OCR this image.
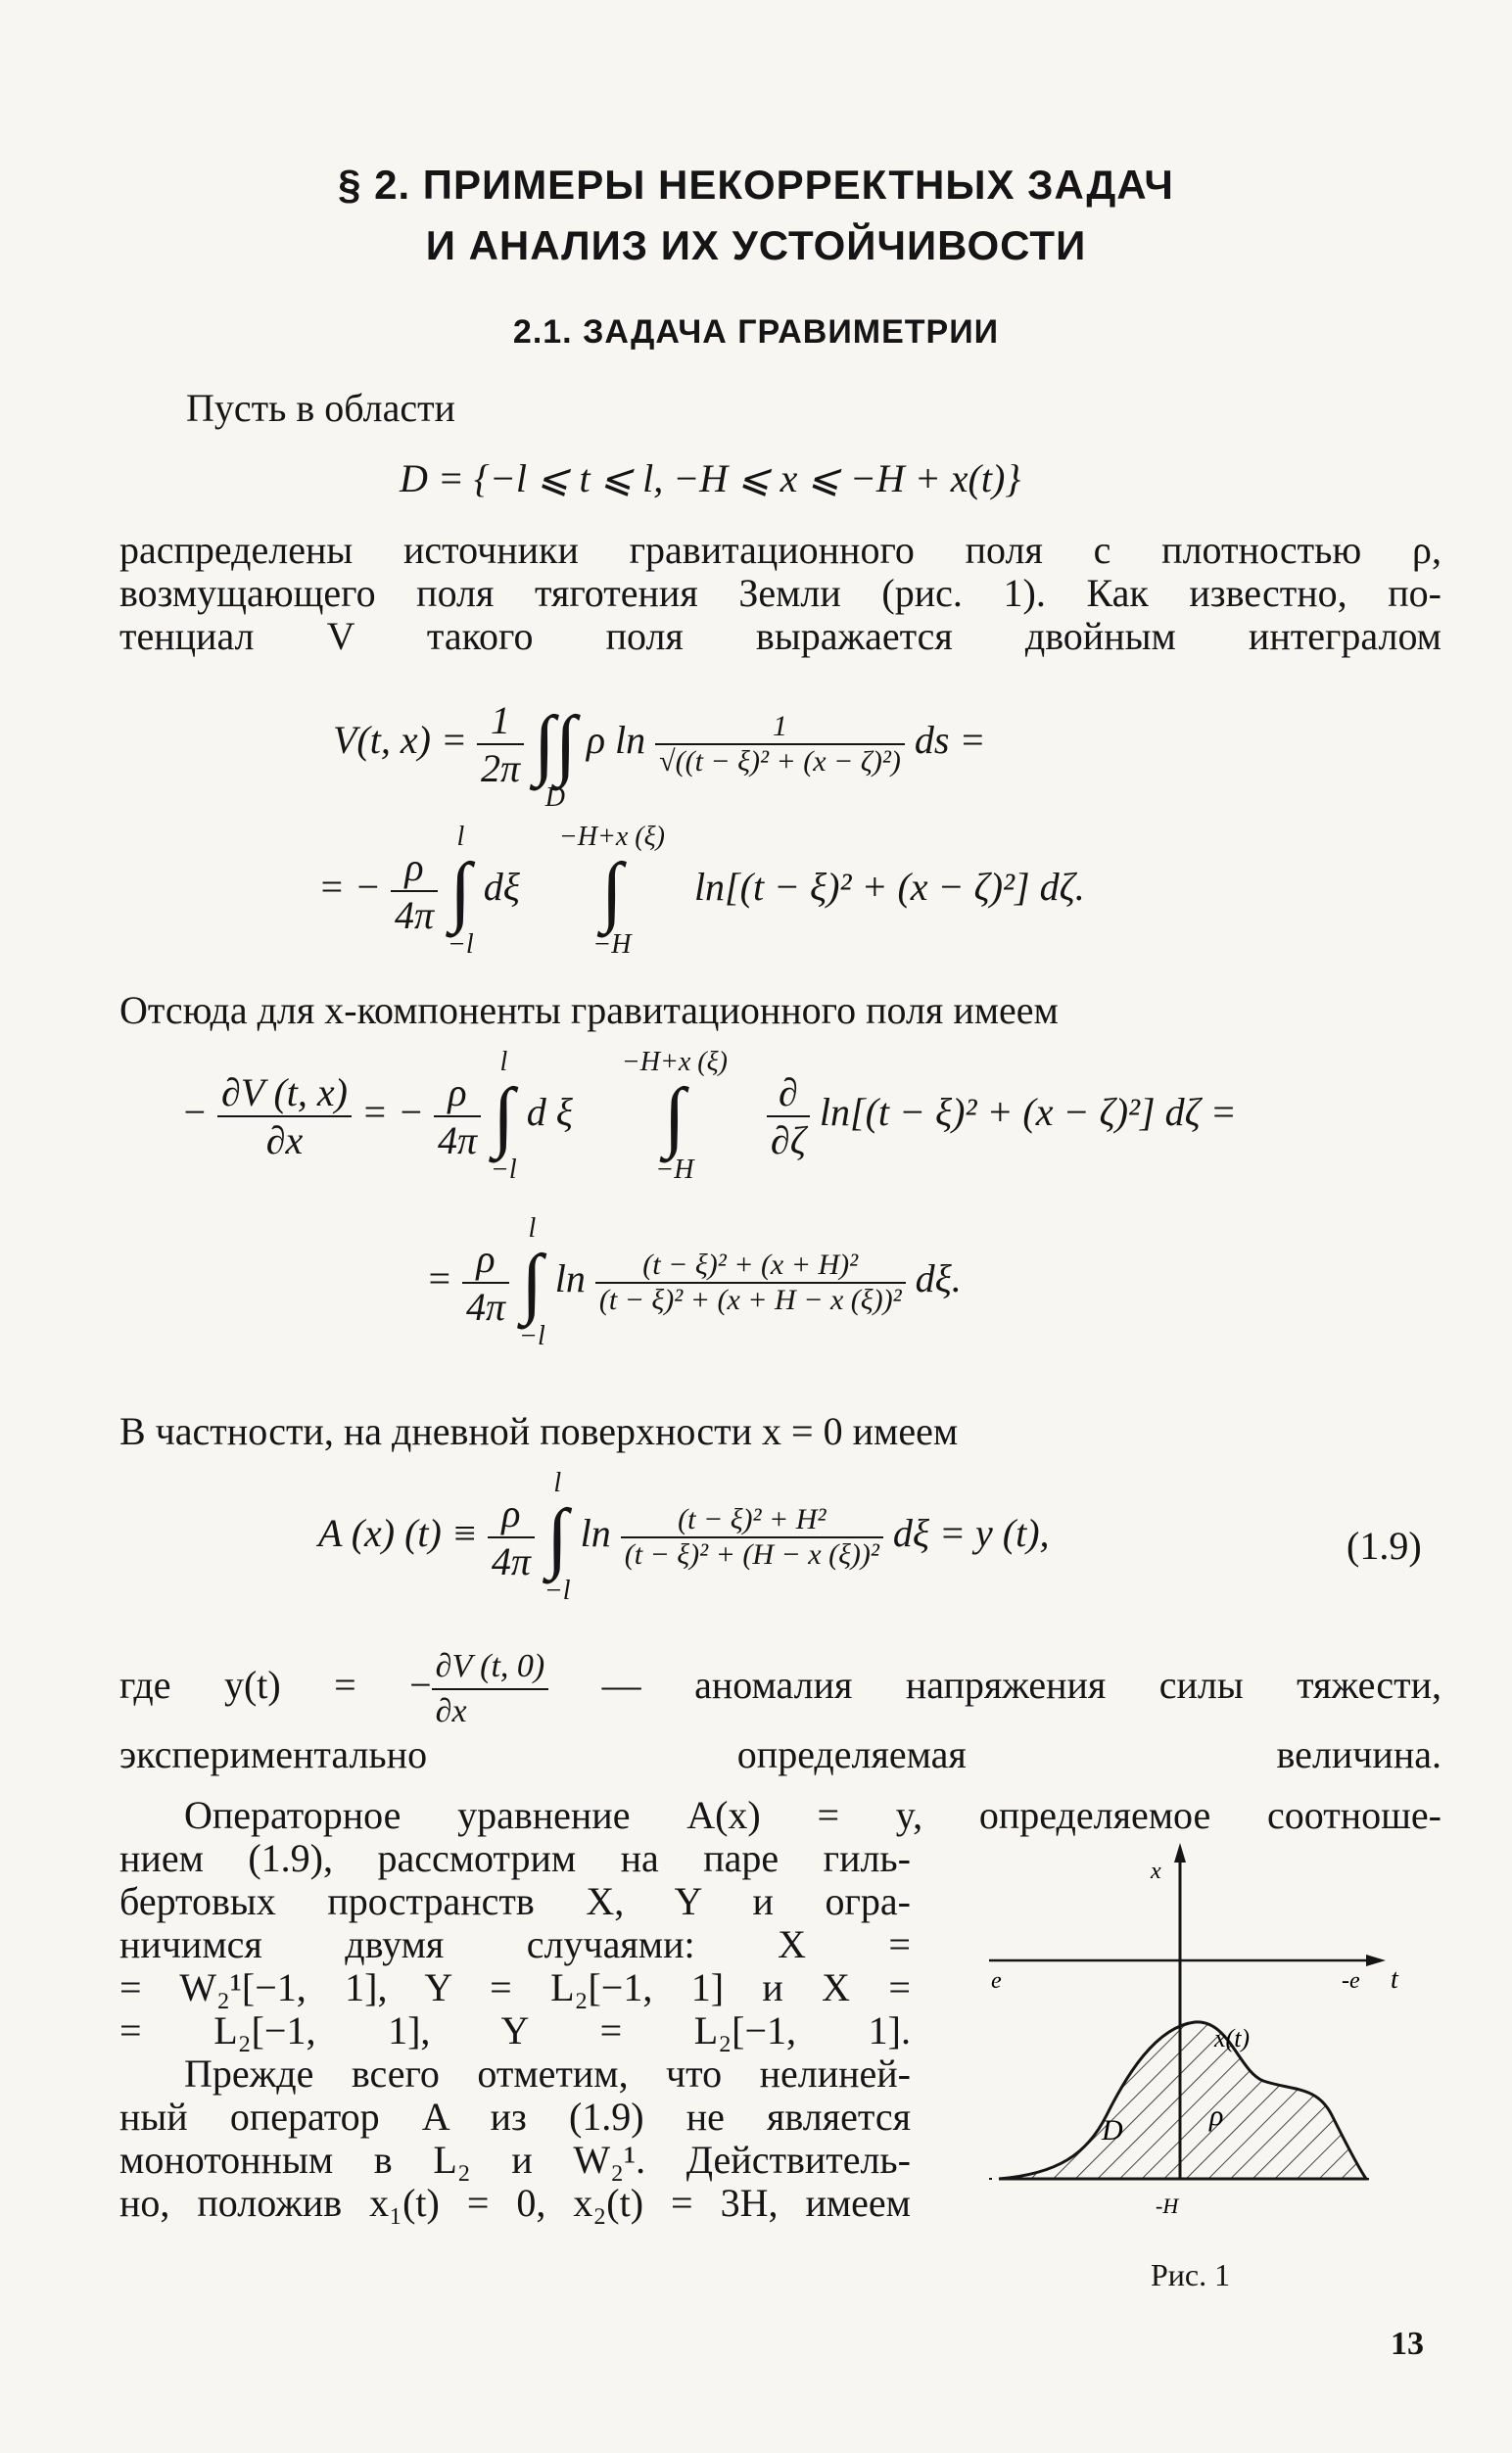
§ 2. ПРИМЕРЫ НЕКОРРЕКТНЫХ ЗАДАЧ
И АНАЛИЗ ИХ УСТОЙЧИВОСТИ
2.1. ЗАДАЧА ГРАВИМЕТРИИ
Пусть в области
D = {−l ⩽ t ⩽ l, −H ⩽ x ⩽ −H + x(t)}
распределены источники гравитационного поля с плотностью ρ,
возмущающего поля тяготения Земли (рис. 1). Как известно, по-
тенциал V такого поля выражается двойным интегралом
V(t, $x) = \frac{1}{2\pi}$

∫∫
D
ρ $\ln \frac{1}{\text{√((t − ξ)² + (x − ζ)²)}}$ ds =
= − $\frac{\rho}{4\pi}$

l
∫
−l
dξ
−H+x (ξ)
∫
−H
ln[(t − ξ)² + (x − ζ)²] dζ.
Отсюда для x-компоненты гравитационного поля имеем
− $\frac{\partial V (t, x)}{\partial x}$ = − $\frac{\rho}{4\pi}$

l
∫
−l
d ξ
−H+x (ξ)
∫
−H

$\frac{\partial}{\partial\zeta} \ln[(t - \xi)^2 + (x - \zeta)^2] d\zeta$ =
= $\frac{\rho}{4\pi}$

l
∫
−l
$\ln \frac{\text{(t − ξ)² + (x + H)²}}{\text{(t − ξ)² + (x + H − x (ξ))²}} d\xi$.
В частности, на дневной поверхности x = 0 имеем
A (x) $(t) \equiv \frac{\rho}{4\pi}$

l
∫
−l
$\ln \frac{\text{(t − ξ)² + H²}}{\text{(t − ξ)² + (H − x (ξ))²}}$ dξ = y (t),	(1.9)
где y(t) = − $\frac{\partial V (t, 0)}{\partial x}$ — аномалия напряжения силы тяжести,
экспериментально определяемая величина.
Операторное уравнение A(x) = y, определяемое соотноше-
нием (1.9), рассмотрим на паре гиль-
бертовых пространств X, Y и огра-
ничимся двумя случаями: X =
= W₂¹[−1, 1], Y = L₂[−1, 1] и X =
= L₂[−1, 1], Y = L₂[−1, 1].
Прежде всего отметим, что нелиней-
ный оператор A из (1.9) не является
монотонным в L₂ и W₂¹. Действитель-
но, положив x₁(t) = 0, x₂(t) = 3H, имеем
x
t
e	-e
x(t)
D	ρ
-H
Рис. 1
13
